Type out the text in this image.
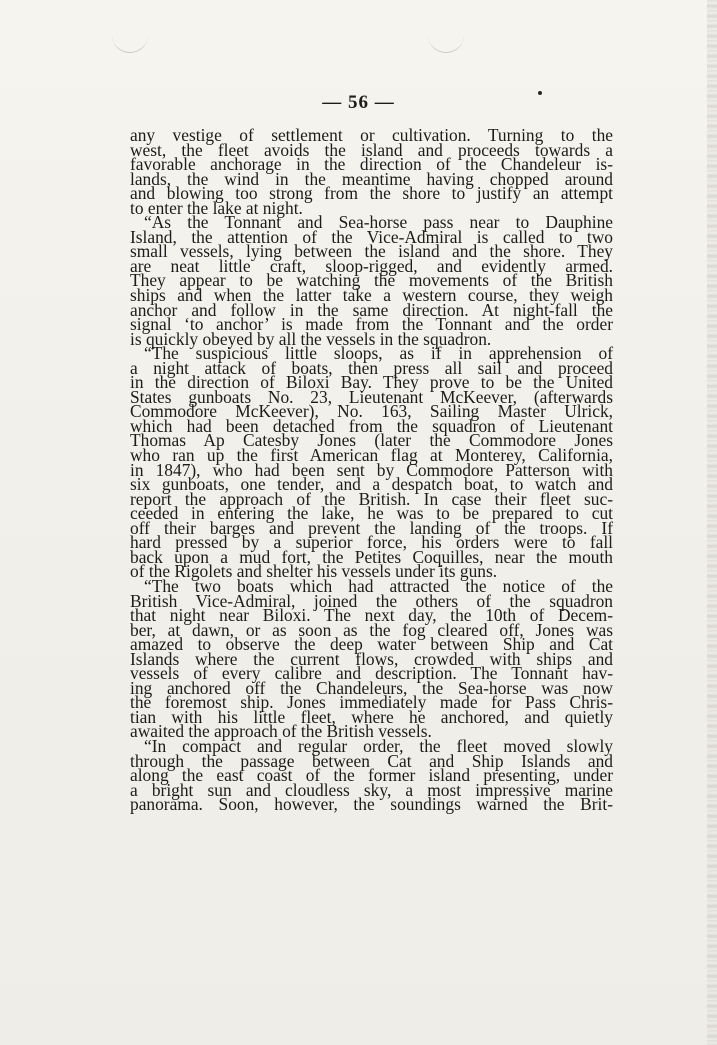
— 56 —
any vestige of settlement or cultivation. Turning to the
west, the fleet avoids the island and proceeds towards a
favorable anchorage in the direction of the Chandeleur is-
lands, the wind in the meantime having chopped around
and blowing too strong from the shore to justify an attempt
to enter the lake at night.
“As the Tonnant and Sea-horse pass near to Dauphine
Island, the attention of the Vice-Admiral is called to two
small vessels, lying between the island and the shore. They
are neat little craft, sloop-rigged, and evidently armed.
They appear to be watching the movements of the British
ships and when the latter take a western course, they weigh
anchor and follow in the same direction. At night-fall the
signal ‘to anchor’ is made from the Tonnant and the order
is quickly obeyed by all the vessels in the squadron.
“The suspicious little sloops, as if in apprehension of
a night attack of boats, then press all sail and proceed
in the direction of Biloxi Bay. They prove to be the United
States gunboats No. 23, Lieutenant McKeever, (afterwards
Commodore McKeever), No. 163, Sailing Master Ulrick,
which had been detached from the squadron of Lieutenant
Thomas Ap Catesby Jones (later the Commodore Jones
who ran up the first American flag at Monterey, California,
in 1847), who had been sent by Commodore Patterson with
six gunboats, one tender, and a despatch boat, to watch and
report the approach of the British. In case their fleet suc-
ceeded in entering the lake, he was to be prepared to cut
off their barges and prevent the landing of the troops. If
hard pressed by a superior force, his orders were to fall
back upon a mud fort, the Petites Coquilles, near the mouth
of the Rigolets and shelter his vessels under its guns.
“The two boats which had attracted the notice of the
British Vice-Admiral, joined the others of the squadron
that night near Biloxi. The next day, the 10th of Decem-
ber, at dawn, or as soon as the fog cleared off, Jones was
amazed to observe the deep water between Ship and Cat
Islands where the current flows, crowded with ships and
vessels of every calibre and description. The Tonnant hav-
ing anchored off the Chandeleurs, the Sea-horse was now
the foremost ship. Jones immediately made for Pass Chris-
tian with his little fleet, where he anchored, and quietly
awaited the approach of the British vessels.
“In compact and regular order, the fleet moved slowly
through the passage between Cat and Ship Islands and
along the east coast of the former island presenting, under
a bright sun and cloudless sky, a most impressive marine
panorama. Soon, however, the soundings warned the Brit-
